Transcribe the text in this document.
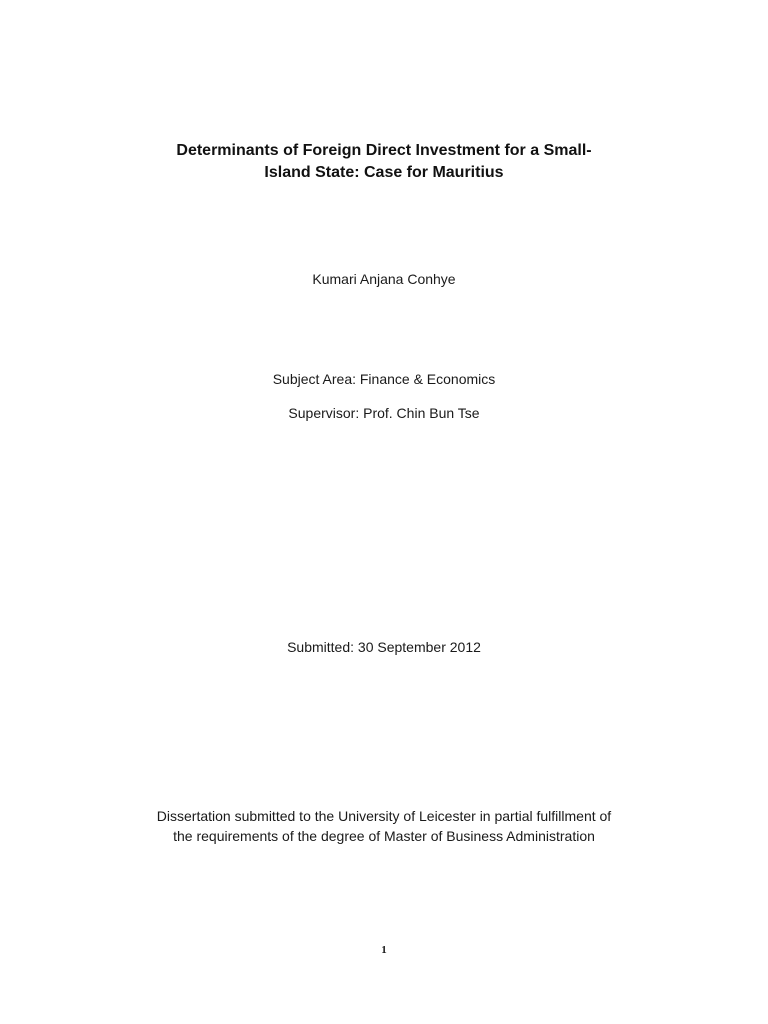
Determinants of Foreign Direct Investment for a Small-
Island State: Case for Mauritius
Kumari Anjana Conhye
Subject Area: Finance & Economics
Supervisor: Prof. Chin Bun Tse
Submitted: 30 September 2012
Dissertation submitted to the University of Leicester in partial fulfillment of
the requirements of the degree of Master of Business Administration
1
